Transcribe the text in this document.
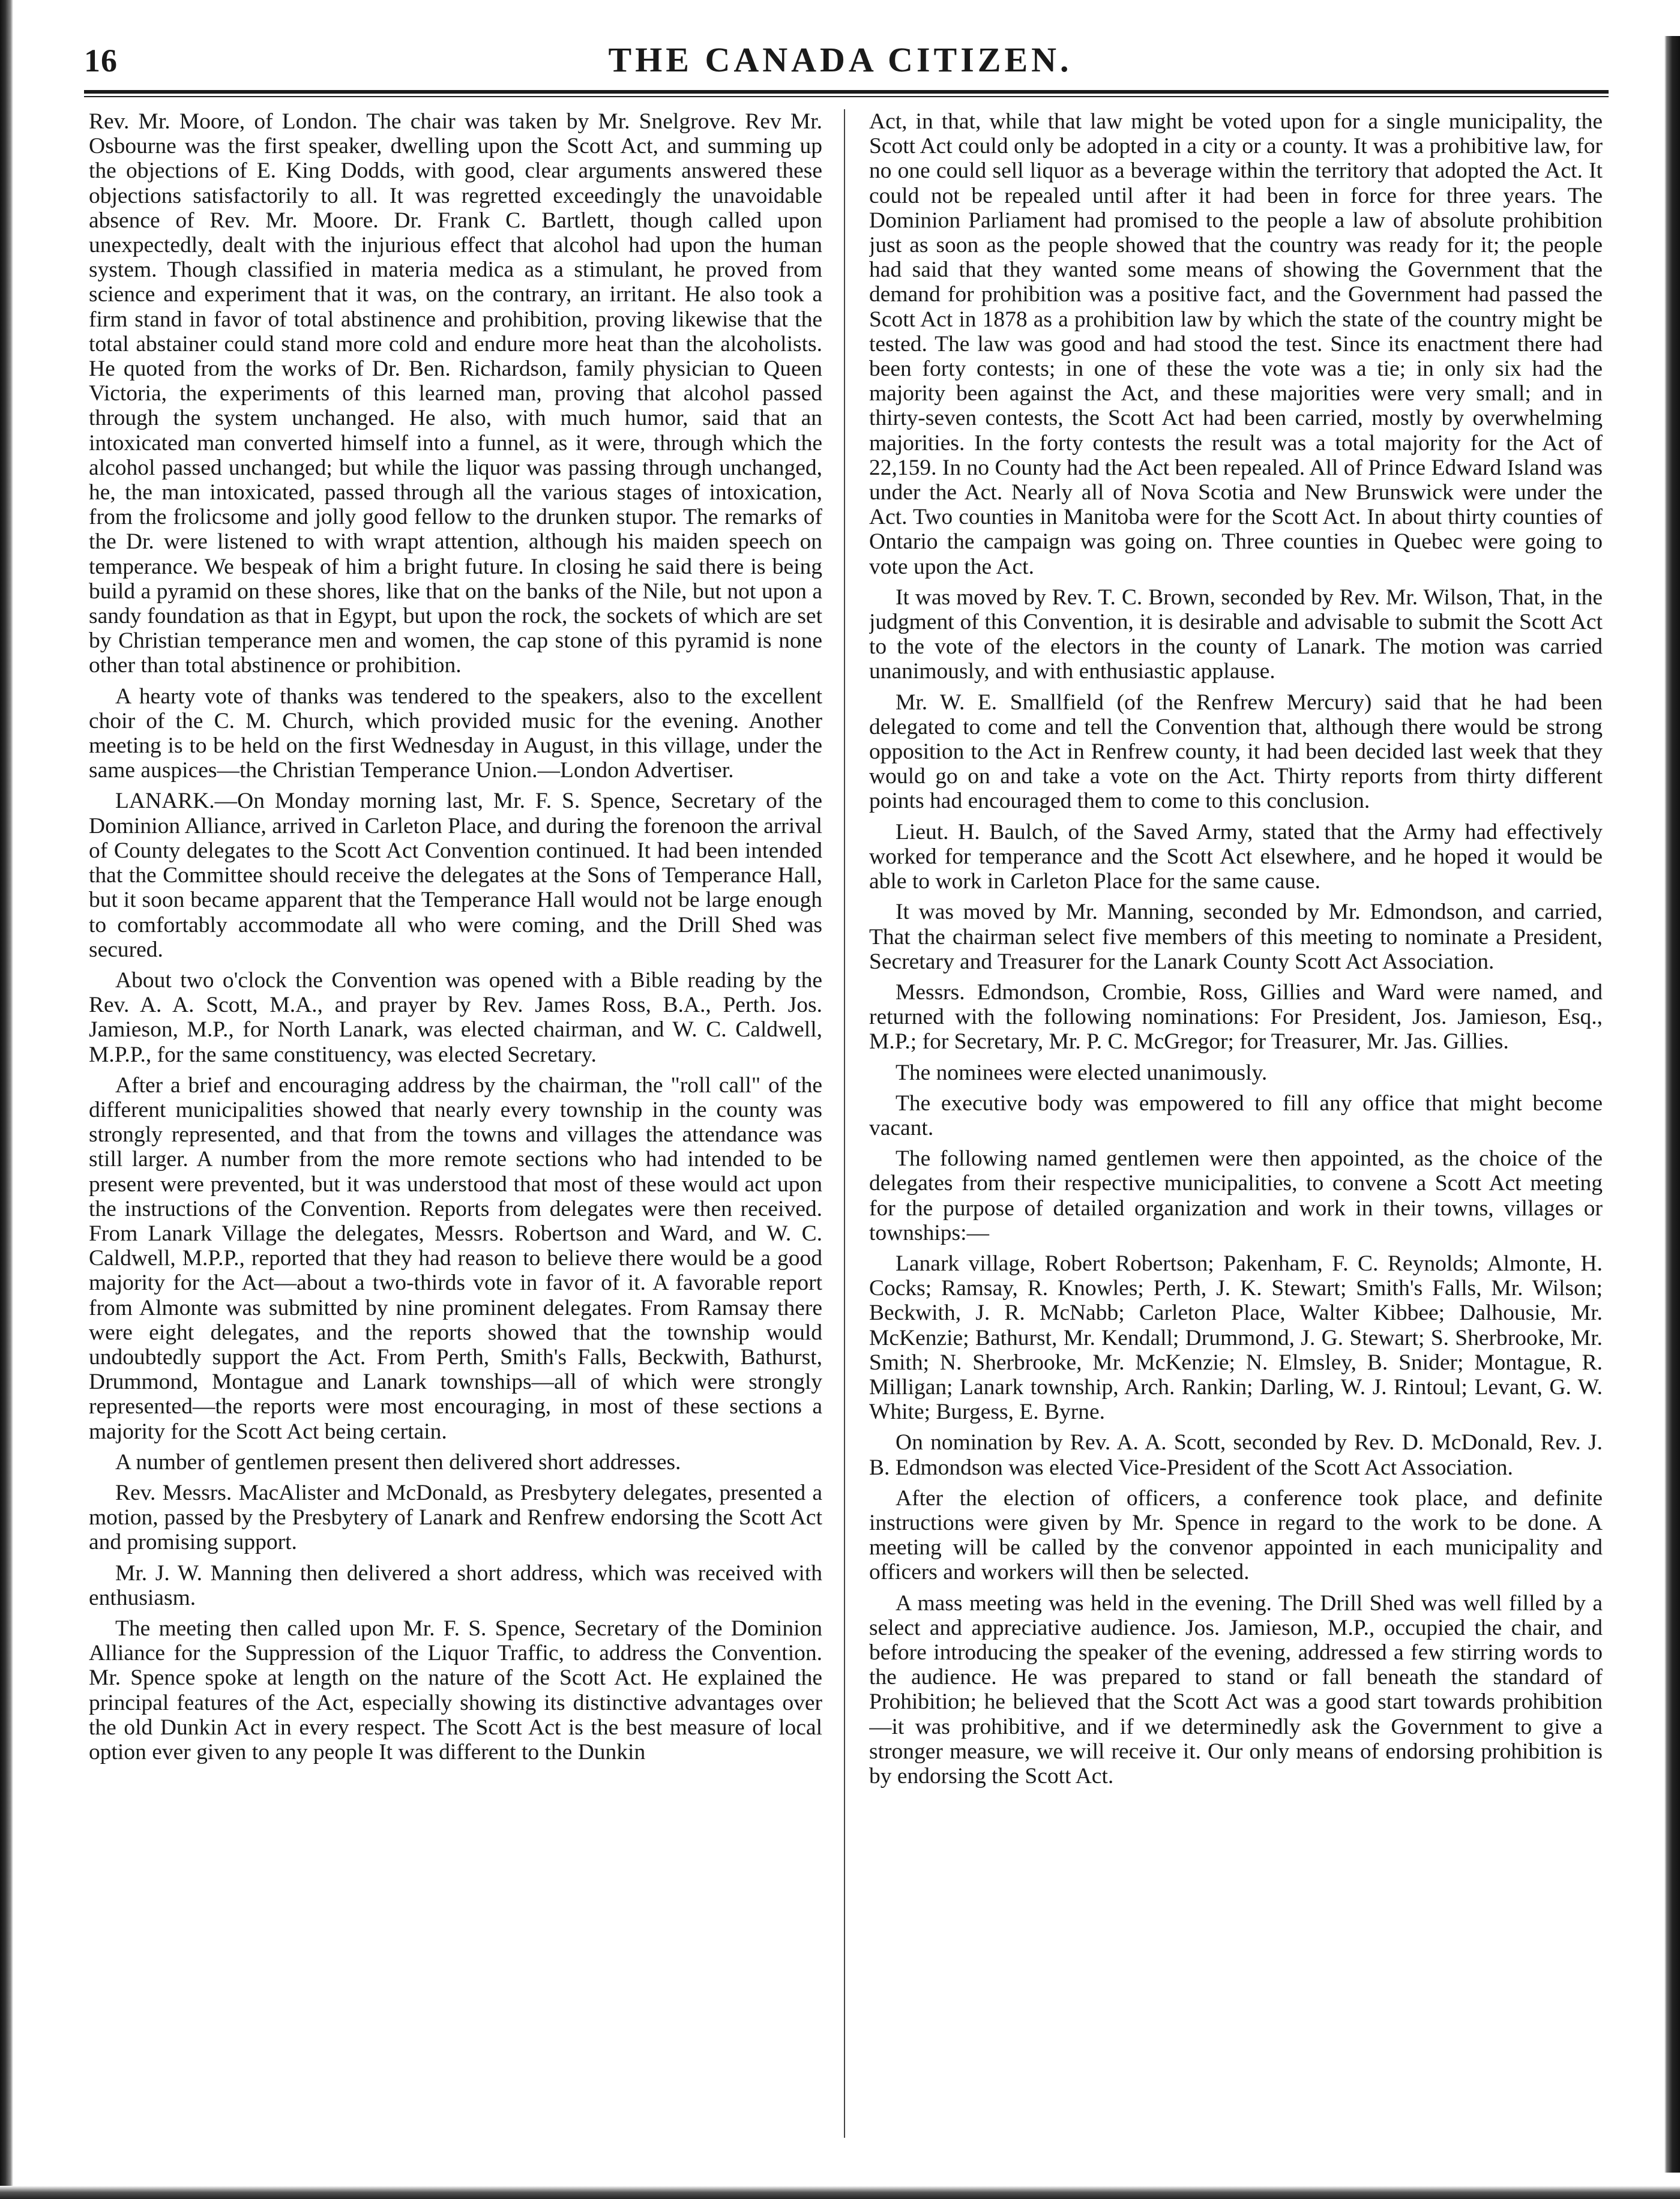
16	THE CANADA CITIZEN.

Rev. Mr. Moore, of London. The chair was taken by Mr. Snelgrove. Rev Mr. Osbourne was the first speaker, dwelling upon the Scott Act, and summing up the objections of E. King Dodds, with good, clear arguments answered these objections satisfactorily to all. It was regretted exceedingly the unavoidable absence of Rev. Mr. Moore. Dr. Frank C. Bartlett, though called upon unexpectedly, dealt with the injurious effect that alcohol had upon the human system. Though classified in materia medica as a stimulant, he proved from science and experiment that it was, on the contrary, an irritant. He also took a firm stand in favor of total abstinence and prohibition, proving likewise that the total abstainer could stand more cold and endure more heat than the alcoholists. He quoted from the works of Dr. Ben. Richardson, family physician to Queen Victoria, the experiments of this learned man, proving that alcohol passed through the system unchanged. He also, with much humor, said that an intoxicated man converted himself into a funnel, as it were, through which the alcohol passed unchanged; but while the liquor was passing through unchanged, he, the man intoxicated, passed through all the various stages of intoxication, from the frolicsome and jolly good fellow to the drunken stupor. The remarks of the Dr. were listened to with wrapt attention, although his maiden speech on temperance. We bespeak of him a bright future. In closing he said there is being build a pyramid on these shores, like that on the banks of the Nile, but not upon a sandy foundation as that in Egypt, but upon the rock, the sockets of which are set by Christian temperance men and women, the cap stone of this pyramid is none other than total abstinence or prohibition.

A hearty vote of thanks was tendered to the speakers, also to the excellent choir of the C. M. Church, which provided music for the evening. Another meeting is to be held on the first Wednesday in August, in this village, under the same auspices—the Christian Temperance Union.—London Advertiser.

LANARK.—On Monday morning last, Mr. F. S. Spence, Secretary of the Dominion Alliance, arrived in Carleton Place, and during the forenoon the arrival of County delegates to the Scott Act Convention continued. It had been intended that the Committee should receive the delegates at the Sons of Temperance Hall, but it soon became apparent that the Temperance Hall would not be large enough to comfortably accommodate all who were coming, and the Drill Shed was secured.

About two o'clock the Convention was opened with a Bible reading by the Rev. A. A. Scott, M.A., and prayer by Rev. James Ross, B.A., Perth. Jos. Jamieson, M.P., for North Lanark, was elected chairman, and W. C. Caldwell, M.P.P., for the same constituency, was elected Secretary.

After a brief and encouraging address by the chairman, the "roll call" of the different municipalities showed that nearly every township in the county was strongly represented, and that from the towns and villages the attendance was still larger. A number from the more remote sections who had intended to be present were prevented, but it was understood that most of these would act upon the instructions of the Convention. Reports from delegates were then received. From Lanark Village the delegates, Messrs. Robertson and Ward, and W. C. Caldwell, M.P.P., reported that they had reason to believe there would be a good majority for the Act—about a two-thirds vote in favor of it. A favorable report from Almonte was submitted by nine prominent delegates. From Ramsay there were eight delegates, and the reports showed that the township would undoubtedly support the Act. From Perth, Smith's Falls, Beckwith, Bathurst, Drummond, Montague and Lanark townships—all of which were strongly represented—the reports were most encouraging, in most of these sections a majority for the Scott Act being certain.

A number of gentlemen present then delivered short addresses.

Rev. Messrs. MacAlister and McDonald, as Presbytery delegates, presented a motion, passed by the Presbytery of Lanark and Renfrew endorsing the Scott Act and promising support.

Mr. J. W. Manning then delivered a short address, which was received with enthusiasm.

The meeting then called upon Mr. F. S. Spence, Secretary of the Dominion Alliance for the Suppression of the Liquor Traffic, to address the Convention. Mr. Spence spoke at length on the nature of the Scott Act. He explained the principal features of the Act, especially showing its distinctive advantages over the old Dunkin Act in every respect. The Scott Act is the best measure of local option ever given to any people It was different to the Dunkin

Act, in that, while that law might be voted upon for a single municipality, the Scott Act could only be adopted in a city or a county. It was a prohibitive law, for no one could sell liquor as a beverage within the territory that adopted the Act. It could not be repealed until after it had been in force for three years. The Dominion Parliament had promised to the people a law of absolute prohibition just as soon as the people showed that the country was ready for it; the people had said that they wanted some means of showing the Government that the demand for prohibition was a positive fact, and the Government had passed the Scott Act in 1878 as a prohibition law by which the state of the country might be tested. The law was good and had stood the test. Since its enactment there had been forty contests; in one of these the vote was a tie; in only six had the majority been against the Act, and these majorities were very small; and in thirty-seven contests, the Scott Act had been carried, mostly by overwhelming majorities. In the forty contests the result was a total majority for the Act of 22,159. In no County had the Act been repealed. All of Prince Edward Island was under the Act. Nearly all of Nova Scotia and New Brunswick were under the Act. Two counties in Manitoba were for the Scott Act. In about thirty counties of Ontario the campaign was going on. Three counties in Quebec were going to vote upon the Act.

It was moved by Rev. T. C. Brown, seconded by Rev. Mr. Wilson, That, in the judgment of this Convention, it is desirable and advisable to submit the Scott Act to the vote of the electors in the county of Lanark. The motion was carried unanimously, and with enthusiastic applause.

Mr. W. E. Smallfield (of the Renfrew Mercury) said that he had been delegated to come and tell the Convention that, although there would be strong opposition to the Act in Renfrew county, it had been decided last week that they would go on and take a vote on the Act. Thirty reports from thirty different points had encouraged them to come to this conclusion.

Lieut. H. Baulch, of the Saved Army, stated that the Army had effectively worked for temperance and the Scott Act elsewhere, and he hoped it would be able to work in Carleton Place for the same cause.

It was moved by Mr. Manning, seconded by Mr. Edmondson, and carried, That the chairman select five members of this meeting to nominate a President, Secretary and Treasurer for the Lanark County Scott Act Association.

Messrs. Edmondson, Crombie, Ross, Gillies and Ward were named, and returned with the following nominations: For President, Jos. Jamieson, Esq., M.P.; for Secretary, Mr. P. C. McGregor; for Treasurer, Mr. Jas. Gillies.

The nominees were elected unanimously.

The executive body was empowered to fill any office that might become vacant.

The following named gentlemen were then appointed, as the choice of the delegates from their respective municipalities, to convene a Scott Act meeting for the purpose of detailed organization and work in their towns, villages or townships:—

Lanark village, Robert Robertson; Pakenham, F. C. Reynolds; Almonte, H. Cocks; Ramsay, R. Knowles; Perth, J. K. Stewart; Smith's Falls, Mr. Wilson; Beckwith, J. R. McNabb; Carleton Place, Walter Kibbee; Dalhousie, Mr. McKenzie; Bathurst, Mr. Kendall; Drummond, J. G. Stewart; S. Sherbrooke, Mr. Smith; N. Sherbrooke, Mr. McKenzie; N. Elmsley, B. Snider; Montague, R. Milligan; Lanark township, Arch. Rankin; Darling, W. J. Rintoul; Levant, G. W. White; Burgess, E. Byrne.

On nomination by Rev. A. A. Scott, seconded by Rev. D. McDonald, Rev. J. B. Edmondson was elected Vice-President of the Scott Act Association.

After the election of officers, a conference took place, and definite instructions were given by Mr. Spence in regard to the work to be done. A meeting will be called by the convenor appointed in each municipality and officers and workers will then be selected.

A mass meeting was held in the evening. The Drill Shed was well filled by a select and appreciative audience. Jos. Jamieson, M.P., occupied the chair, and before introducing the speaker of the evening, addressed a few stirring words to the audience. He was prepared to stand or fall beneath the standard of Prohibition; he believed that the Scott Act was a good start towards prohibition—it was prohibitive, and if we determinedly ask the Government to give a stronger measure, we will receive it. Our only means of endorsing prohibition is by endorsing the Scott Act.
